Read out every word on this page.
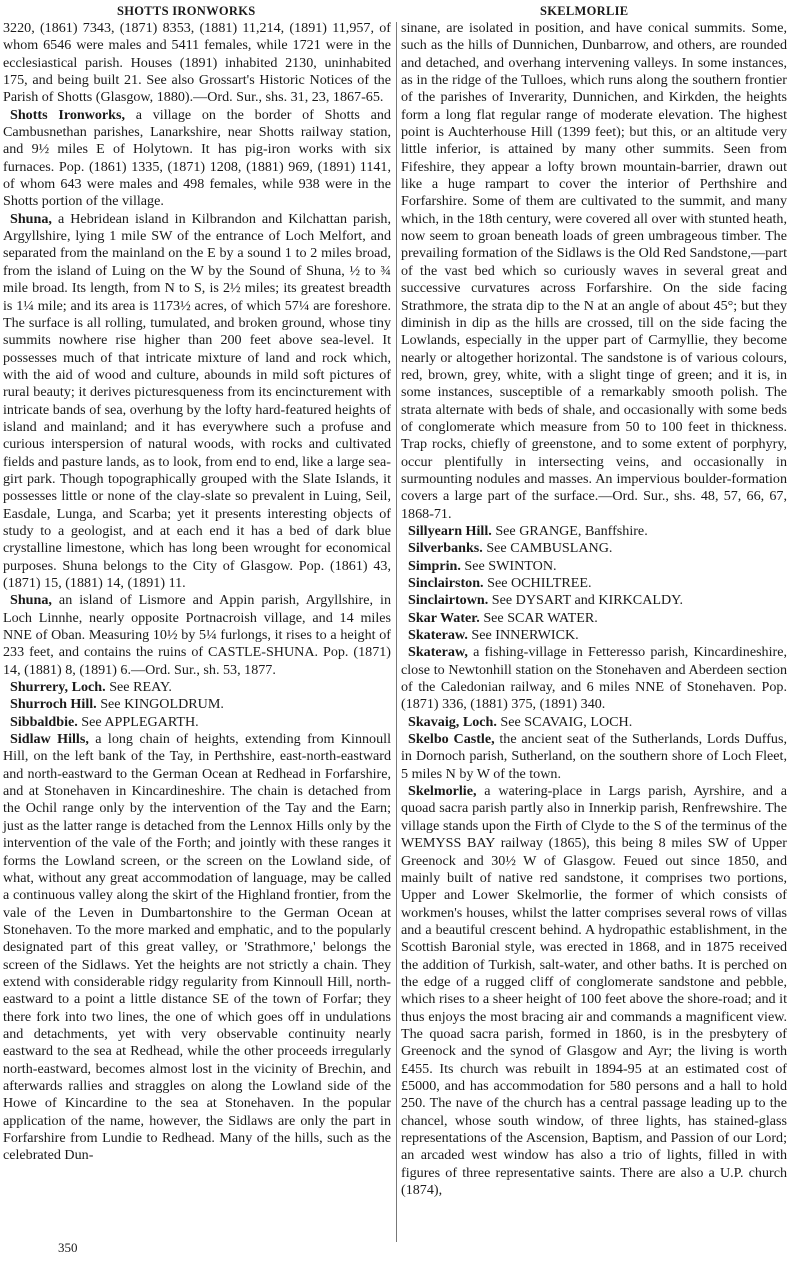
SHOTTS IRONWORKS	SKELMORLIE

3220, (1861) 7343, (1871) 8353, (1881) 11,214, (1891) 11,957, of whom 6546 were males and 5411 females, while 1721 were in the ecclesiastical parish. Houses (1891) inhabited 2130, uninhabited 175, and being built 21. See also Grossart's Historic Notices of the Parish of Shotts (Glasgow, 1880).—Ord. Sur., shs. 31, 23, 1867-65.

Shotts Ironworks, a village on the border of Shotts and Cambusnethan parishes, Lanarkshire, near Shotts railway station, and 9½ miles E of Holytown. It has pig-iron works with six furnaces. Pop. (1861) 1335, (1871) 1208, (1881) 969, (1891) 1141, of whom 643 were males and 498 females, while 938 were in the Shotts portion of the village.

Shuna, a Hebridean island in Kilbrandon and Kilchattan parish, Argyllshire, lying 1 mile SW of the entrance of Loch Melfort, and separated from the mainland on the E by a sound 1 to 2 miles broad, from the island of Luing on the W by the Sound of Shuna, ½ to ¾ mile broad. Its length, from N to S, is 2½ miles; its greatest breadth is 1¼ mile; and its area is 1173½ acres, of which 57¼ are foreshore. The surface is all rolling, tumulated, and broken ground, whose tiny summits nowhere rise higher than 200 feet above sea-level. It possesses much of that intricate mixture of land and rock which, with the aid of wood and culture, abounds in mild soft pictures of rural beauty; it derives picturesqueness from its encincturement with intricate bands of sea, overhung by the lofty hard-featured heights of island and mainland; and it has everywhere such a profuse and curious interspersion of natural woods, with rocks and cultivated fields and pasture lands, as to look, from end to end, like a large sea-girt park. Though topographically grouped with the Slate Islands, it possesses little or none of the clay-slate so prevalent in Luing, Seil, Easdale, Lunga, and Scarba; yet it presents interesting objects of study to a geologist, and at each end it has a bed of dark blue crystalline limestone, which has long been wrought for economical purposes. Shuna belongs to the City of Glasgow. Pop. (1861) 43, (1871) 15, (1881) 14, (1891) 11.

Shuna, an island of Lismore and Appin parish, Argyllshire, in Loch Linnhe, nearly opposite Portnacroish village, and 14 miles NNE of Oban. Measuring 10½ by 5¼ furlongs, it rises to a height of 233 feet, and contains the ruins of CASTLE-SHUNA. Pop. (1871) 14, (1881) 8, (1891) 6.—Ord. Sur., sh. 53, 1877.

Shurrery, Loch. See REAY.

Shurroch Hill. See KINGOLDRUM.

Sibbaldbie. See APPLEGARTH.

Sidlaw Hills, a long chain of heights, extending from Kinnoull Hill, on the left bank of the Tay, in Perthshire, east-north-eastward and north-eastward to the German Ocean at Redhead in Forfarshire, and at Stonehaven in Kincardineshire. The chain is detached from the Ochil range only by the intervention of the Tay and the Earn; just as the latter range is detached from the Lennox Hills only by the intervention of the vale of the Forth; and jointly with these ranges it forms the Lowland screen, or the screen on the Lowland side, of what, without any great accommodation of language, may be called a continuous valley along the skirt of the Highland frontier, from the vale of the Leven in Dumbartonshire to the German Ocean at Stonehaven. To the more marked and emphatic, and to the popularly designated part of this great valley, or 'Strathmore,' belongs the screen of the Sidlaws. Yet the heights are not strictly a chain. They extend with considerable ridgy regularity from Kinnoull Hill, north-eastward to a point a little distance SE of the town of Forfar; they there fork into two lines, the one of which goes off in undulations and detachments, yet with very observable continuity nearly eastward to the sea at Redhead, while the other proceeds irregularly north-eastward, becomes almost lost in the vicinity of Brechin, and afterwards rallies and straggles on along the Lowland side of the Howe of Kincardine to the sea at Stonehaven. In the popular application of the name, however, the Sidlaws are only the part in Forfarshire from Lundie to Redhead. Many of the hills, such as the celebrated Dun-

sinane, are isolated in position, and have conical summits. Some, such as the hills of Dunnichen, Dunbarrow, and others, are rounded and detached, and overhang intervening valleys. In some instances, as in the ridge of the Tulloes, which runs along the southern frontier of the parishes of Inverarity, Dunnichen, and Kirkden, the heights form a long flat regular range of moderate elevation. The highest point is Auchterhouse Hill (1399 feet); but this, or an altitude very little inferior, is attained by many other summits. Seen from Fifeshire, they appear a lofty brown mountain-barrier, drawn out like a huge rampart to cover the interior of Perthshire and Forfarshire. Some of them are cultivated to the summit, and many which, in the 18th century, were covered all over with stunted heath, now seem to groan beneath loads of green umbrageous timber. The prevailing formation of the Sidlaws is the Old Red Sandstone,—part of the vast bed which so curiously waves in several great and successive curvatures across Forfarshire. On the side facing Strathmore, the strata dip to the N at an angle of about 45°; but they diminish in dip as the hills are crossed, till on the side facing the Lowlands, especially in the upper part of Carmyllie, they become nearly or altogether horizontal. The sandstone is of various colours, red, brown, grey, white, with a slight tinge of green; and it is, in some instances, susceptible of a remarkably smooth polish. The strata alternate with beds of shale, and occasionally with some beds of conglomerate which measure from 50 to 100 feet in thickness. Trap rocks, chiefly of greenstone, and to some extent of porphyry, occur plentifully in intersecting veins, and occasionally in surmounting nodules and masses. An impervious boulder-formation covers a large part of the surface.—Ord. Sur., shs. 48, 57, 66, 67, 1868-71.

Sillyearn Hill. See GRANGE, Banffshire.

Silverbanks. See CAMBUSLANG.

Simprin. See SWINTON.

Sinclairston. See OCHILTREE.

Sinclairtown. See DYSART and KIRKCALDY.

Skar Water. See SCAR WATER.

Skateraw. See INNERWICK.

Skateraw, a fishing-village in Fetteresso parish, Kincardineshire, close to Newtonhill station on the Stonehaven and Aberdeen section of the Caledonian railway, and 6 miles NNE of Stonehaven. Pop. (1871) 336, (1881) 375, (1891) 340.

Skavaig, Loch. See SCAVAIG, LOCH.

Skelbo Castle, the ancient seat of the Sutherlands, Lords Duffus, in Dornoch parish, Sutherland, on the southern shore of Loch Fleet, 5 miles N by W of the town.

Skelmorlie, a watering-place in Largs parish, Ayrshire, and a quoad sacra parish partly also in Innerkip parish, Renfrewshire. The village stands upon the Firth of Clyde to the S of the terminus of the WEMYSS BAY railway (1865), this being 8 miles SW of Upper Greenock and 30½ W of Glasgow. Feued out since 1850, and mainly built of native red sandstone, it comprises two portions, Upper and Lower Skelmorlie, the former of which consists of workmen's houses, whilst the latter comprises several rows of villas and a beautiful crescent behind. A hydropathic establishment, in the Scottish Baronial style, was erected in 1868, and in 1875 received the addition of Turkish, salt-water, and other baths. It is perched on the edge of a rugged cliff of conglomerate sandstone and pebble, which rises to a sheer height of 100 feet above the shore-road; and it thus enjoys the most bracing air and commands a magnificent view. The quoad sacra parish, formed in 1860, is in the presbytery of Greenock and the synod of Glasgow and Ayr; the living is worth £455. Its church was rebuilt in 1894-95 at an estimated cost of £5000, and has accommodation for 580 persons and a hall to hold 250. The nave of the church has a central passage leading up to the chancel, whose south window, of three lights, has stained-glass representations of the Ascension, Baptism, and Passion of our Lord; an arcaded west window has also a trio of lights, filled in with figures of three representative saints. There are also a U.P. church (1874),

350
